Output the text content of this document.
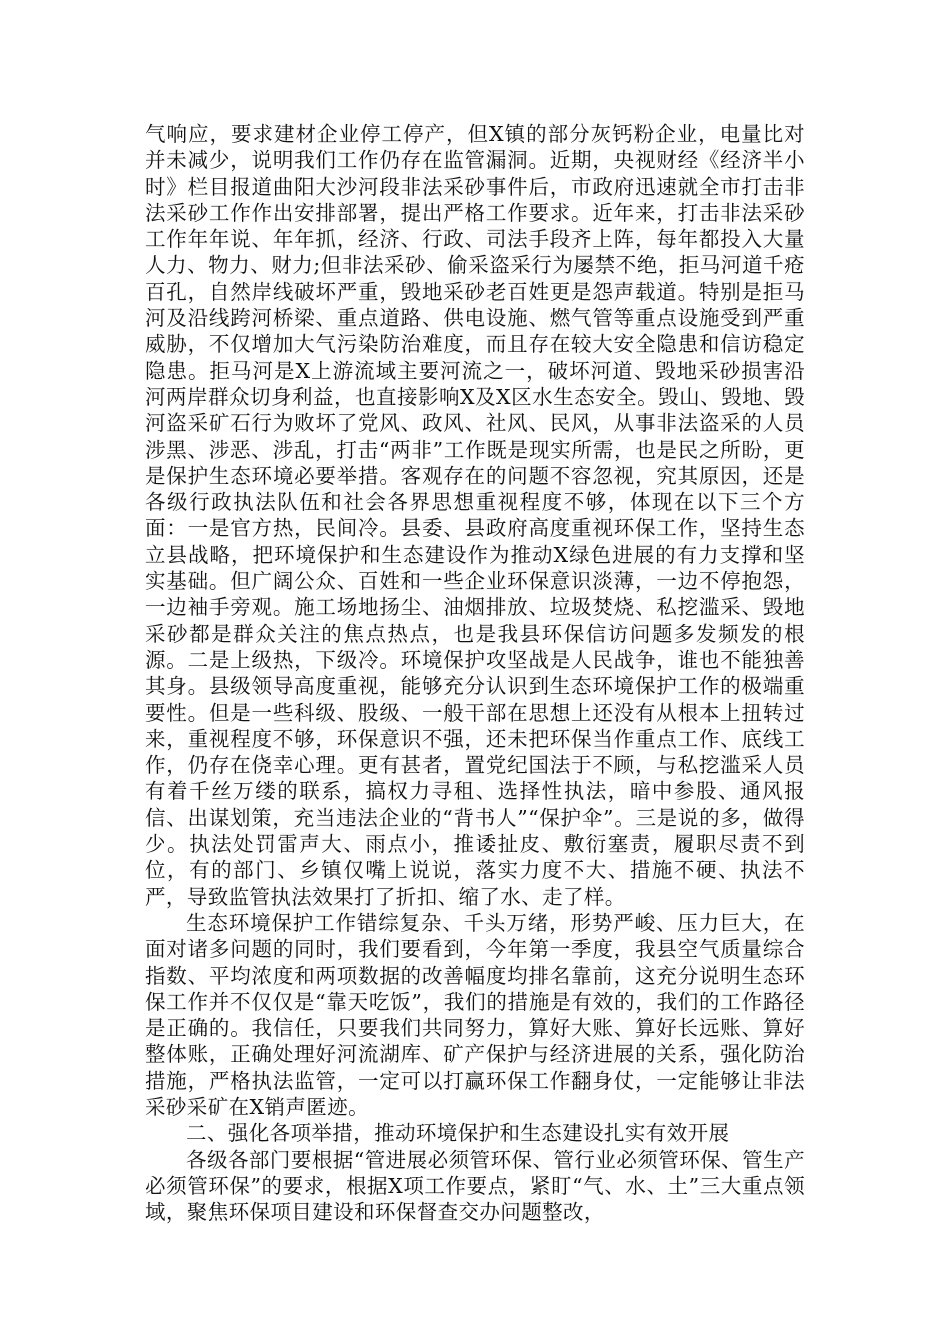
气响应，要求建材企业停工停产，但X镇的部分灰钙粉企业，电量比对并未减少，说明我们工作仍存在监管漏洞。近期，央视财经《经济半小时》栏目报道曲阳大沙河段非法采砂事件后，市政府迅速就全市打击非法采砂工作作出安排部署，提出严格工作要求。近年来，打击非法采砂工作年年说、年年抓，经济、行政、司法手段齐上阵，每年都投入大量人力、物力、财力;但非法采砂、偷采盗采行为屡禁不绝，拒马河道千疮百孔，自然岸线破坏严重，毁地采砂老百姓更是怨声载道。特别是拒马河及沿线跨河桥梁、重点道路、供电设施、燃气管等重点设施受到严重威胁，不仅增加大气污染防治难度，而且存在较大安全隐患和信访稳定隐患。拒马河是X上游流域主要河流之一，破坏河道、毁地采砂损害沿河两岸群众切身利益，也直接影响X及X区水生态安全。毁山、毁地、毁河盗采矿石行为败坏了党风、政风、社风、民风，从事非法盗采的人员涉黑、涉恶、涉乱，打击“两非”工作既是现实所需，也是民之所盼，更是保护生态环境必要举措。客观存在的问题不容忽视，究其原因，还是各级行政执法队伍和社会各界思想重视程度不够，体现在以下三个方面：一是官方热，民间冷。县委、县政府高度重视环保工作，坚持生态立县战略，把环境保护和生态建设作为推动X绿色进展的有力支撑和坚实基础。但广阔公众、百姓和一些企业环保意识淡薄，一边不停抱怨，一边袖手旁观。施工场地扬尘、油烟排放、垃圾焚烧、私挖滥采、毁地采砂都是群众关注的焦点热点，也是我县环保信访问题多发频发的根源。二是上级热，下级冷。环境保护攻坚战是人民战争，谁也不能独善其身。县级领导高度重视，能够充分认识到生态环境保护工作的极端重要性。但是一些科级、股级、一般干部在思想上还没有从根本上扭转过来，重视程度不够，环保意识不强，还未把环保当作重点工作、底线工作，仍存在侥幸心理。更有甚者，置党纪国法于不顾，与私挖滥采人员有着千丝万缕的联系，搞权力寻租、选择性执法，暗中参股、通风报信、出谋划策，充当违法企业的“背书人”“保护伞”。三是说的多，做得少。执法处罚雷声大、雨点小，推诿扯皮、敷衍塞责，履职尽责不到位，有的部门、乡镇仅嘴上说说，落实力度不大、措施不硬、执法不严，导致监管执法效果打了折扣、缩了水、走了样。

生态环境保护工作错综复杂、千头万绪，形势严峻、压力巨大，在面对诸多问题的同时，我们要看到，今年第一季度，我县空气质量综合指数、平均浓度和两项数据的改善幅度均排名靠前，这充分说明生态环保工作并不仅仅是“靠天吃饭”，我们的措施是有效的，我们的工作路径是正确的。我信任，只要我们共同努力，算好大账、算好长远账、算好整体账，正确处理好河流湖库、矿产保护与经济进展的关系，强化防治措施，严格执法监管，一定可以打赢环保工作翻身仗，一定能够让非法采砂采矿在X销声匿迹。

二、强化各项举措，推动环境保护和生态建设扎实有效开展

各级各部门要根据“管进展必须管环保、管行业必须管环保、管生产必须管环保”的要求，根据X项工作要点，紧盯“气、水、土”三大重点领域，聚焦环保项目建设和环保督查交办问题整改，
